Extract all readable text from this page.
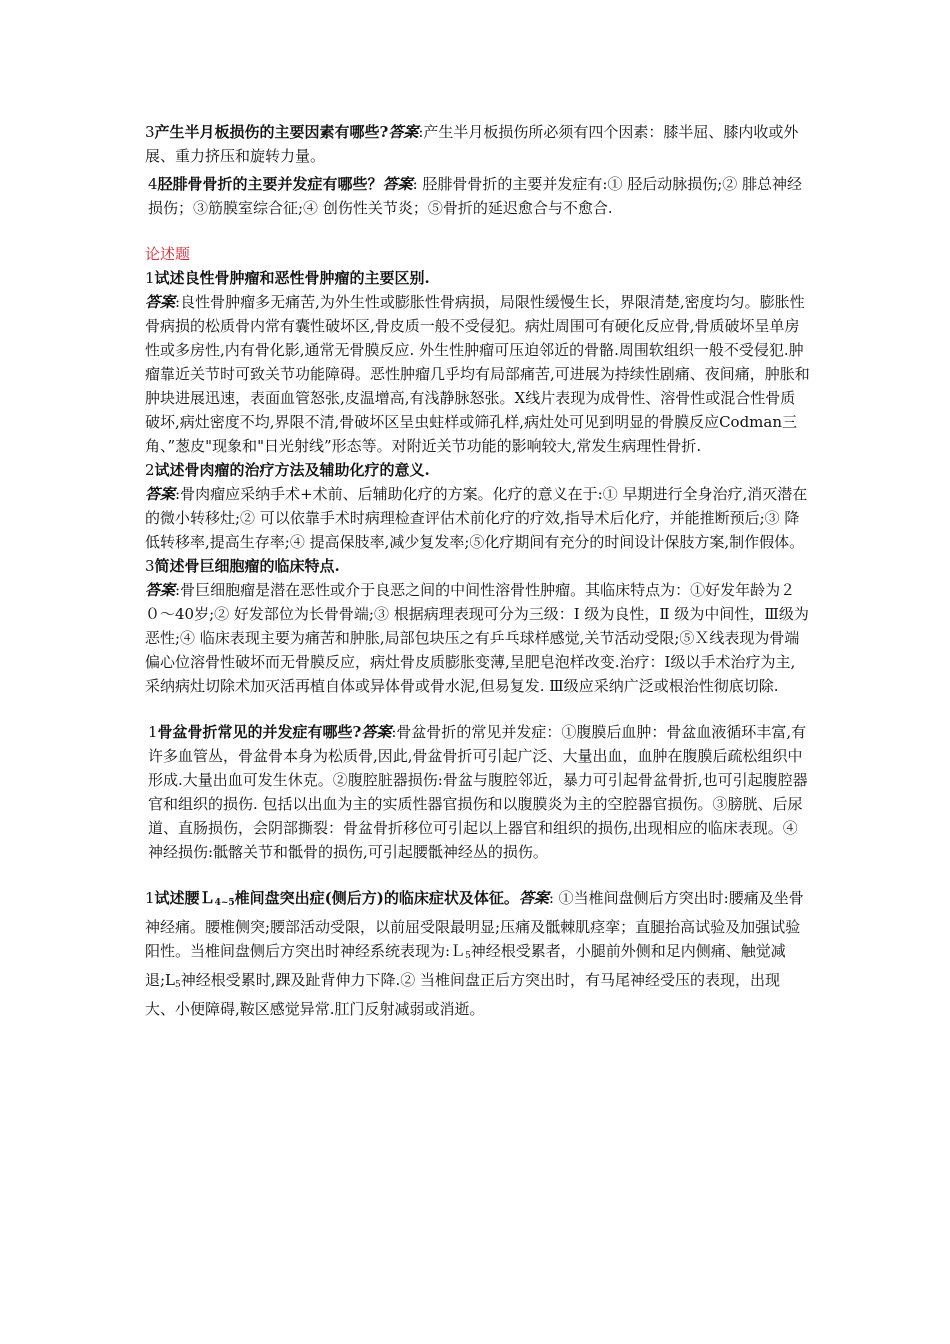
3产生半月板损伤的主要因素有哪些?答案:产生半月板损伤所必须有四个因素：膝半屈、膝内收或外展、重力挤压和旋转力量。

4胫腓骨骨折的主要并发症有哪些？答案: 胫腓骨骨折的主要并发症有:① 胫后动脉损伤;② 腓总神经损伤；③筋膜室综合征;④ 创伤性关节炎；⑤骨折的延迟愈合与不愈合.

论述题

1试述良性骨肿瘤和恶性骨肿瘤的主要区别.

答案:良性骨肿瘤多无痛苦,为外生性或膨胀性骨病损，局限性缓慢生长，界限清楚,密度均匀。膨胀性骨病损的松质骨内常有囊性破坏区,骨皮质一般不受侵犯。病灶周围可有硬化反应骨,骨质破坏呈单房性或多房性,内有骨化影,通常无骨膜反应. 外生性肿瘤可压迫邻近的骨骼.周围软组织一般不受侵犯.肿瘤靠近关节时可致关节功能障碍。恶性肿瘤几乎均有局部痛苦,可进展为持续性剧痛、夜间痛，肿胀和肿块进展迅速，表面血管怒张,皮温增高,有浅静脉怒张。X线片表现为成骨性、溶骨性或混合性骨质破坏,病灶密度不均,界限不清,骨破坏区呈虫蛀样或筛孔样,病灶处可见到明显的骨膜反应Codman三角、”葱皮"现象和"日光射线”形态等。对附近关节功能的影响较大,常发生病理性骨折.

2试述骨肉瘤的治疗方法及辅助化疗的意义.

答案:骨肉瘤应采纳手术+术前、后辅助化疗的方案。化疗的意义在于:① 早期进行全身治疗,消灭潜在的微小转移灶;② 可以依靠手术时病理检查评估术前化疗的疗效,指导术后化疗，并能推断预后;③ 降低转移率,提高生存率;④ 提高保肢率,减少复发率;⑤化疗期间有充分的时间设计保肢方案,制作假体。

3简述骨巨细胞瘤的临床特点.

答案:骨巨细胞瘤是潜在恶性或介于良恶之间的中间性溶骨性肿瘤。其临床特点为：①好发年龄为２０～40岁;② 好发部位为长骨骨端;③ 根据病理表现可分为三级：Ⅰ 级为良性，Ⅱ 级为中间性，Ⅲ级为恶性;④ 临床表现主要为痛苦和肿胀,局部包块压之有乒乓球样感觉,关节活动受限;⑤Ｘ线表现为骨端偏心位溶骨性破坏而无骨膜反应，病灶骨皮质膨胀变薄,呈肥皂泡样改变.治疗：Ⅰ级以手术治疗为主,采纳病灶切除术加灭活再植自体或异体骨或骨水泥,但易复发. Ⅲ级应采纳广泛或根治性彻底切除.

1骨盆骨折常见的并发症有哪些?答案:骨盆骨折的常见并发症：①腹膜后血肿：骨盆血液循环丰富,有许多血管丛，骨盆骨本身为松质骨,因此,骨盆骨折可引起广泛、大量出血，血肿在腹膜后疏松组织中形成.大量出血可发生休克。②腹腔脏器损伤:骨盆与腹腔邻近，暴力可引起骨盆骨折,也可引起腹腔器官和组织的损伤. 包括以出血为主的实质性器官损伤和以腹膜炎为主的空腔器官损伤。③膀胱、后尿道、直肠损伤，会阴部撕裂：骨盆骨折移位可引起以上器官和组织的损伤,出现相应的临床表现。④神经损伤:骶髂关节和骶骨的损伤,可引起腰骶神经丛的损伤。

1试述腰Ｌ$_{4\sim 5}$椎间盘突出症(侧后方)的临床症状及体征。答案: ①当椎间盘侧后方突出时:腰痛及坐骨神经痛。腰椎侧突;腰部活动受限，以前屈受限最明显;压痛及骶棘肌痉挛；直腿抬高试验及加强试验阳性。当椎间盘侧后方突出时神经系统表现为:Ｌ$_5$神经根受累者，小腿前外侧和足内侧痛、触觉减退$;L_5$神经根受累时,踝及趾背伸力下降.② 当椎间盘正后方突出时，有马尾神经受压的表现，出现大、小便障碍,鞍区感觉异常.肛门反射减弱或消逝。
